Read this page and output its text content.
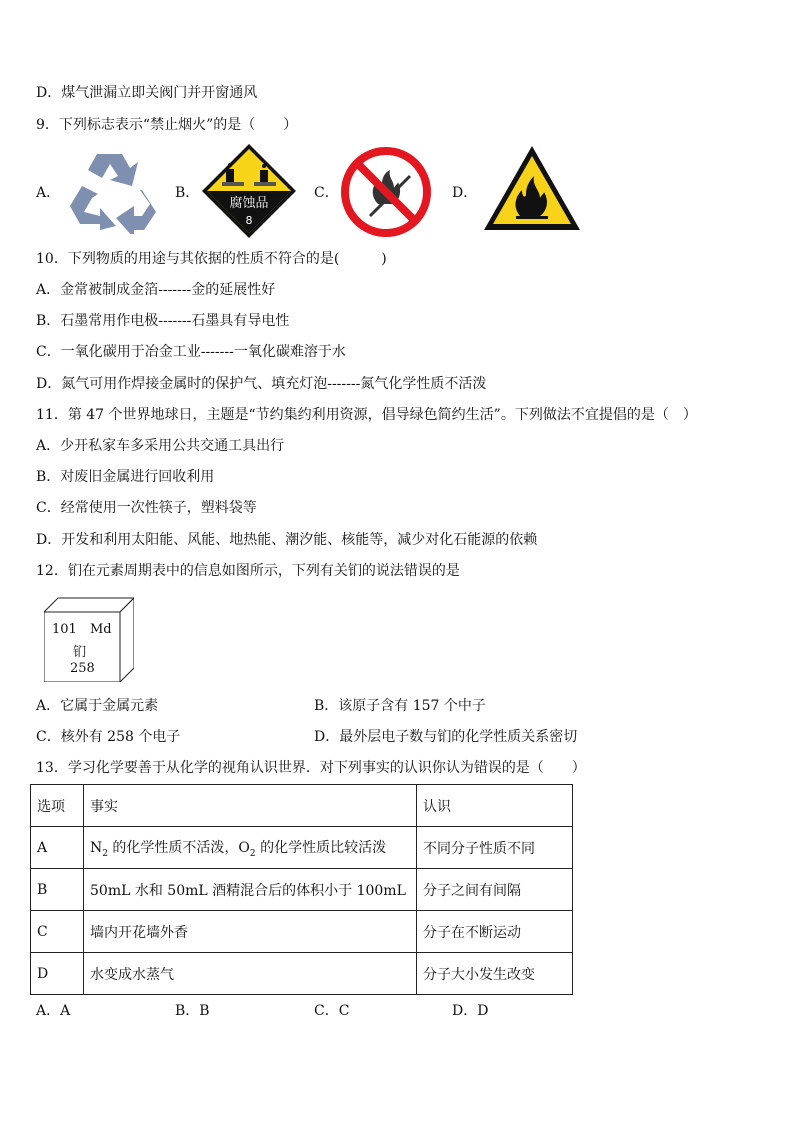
D．煤气泄漏立即关阀门并开窗通风
9．下列标志表示“禁止烟火”的是（　　）
A．	B．
腐蚀品
8
C．	D．
10．下列物质的用途与其依据的性质不符合的是(　　　)
A．金常被制成金箔-------金的延展性好
B．石墨常用作电极-------石墨具有导电性
C．一氧化碳用于冶金工业-------一氧化碳难溶于水
D．氮气可用作焊接金属时的保护气、填充灯泡-------氮气化学性质不活泼
11．第 47 个世界地球日，主题是“节约集约利用资源，倡导绿色简约生活”。下列做法不宜提倡的是（　）
A．少开私家车多采用公共交通工具出行
B．对废旧金属进行回收利用
C．经常使用一次性筷子，塑料袋等
D．开发和利用太阳能、风能、地热能、潮汐能、核能等，减少对化石能源的依赖
12．钔在元素周期表中的信息如图所示，下列有关钔的说法错误的是
101 Md
钔
258
A．它属于金属元素	B．该原子含有 157 个中子
C．核外有 258 个电子	D．最外层电子数与钔的化学性质关系密切
13．学习化学要善于从化学的视角认识世界．对下列事实的认识你认为错误的是（　　）
选项	事实	认识
A	$N_2$ 的化学性质不活泼，$O_2$ 的化学性质比较活泼	不同分子性质不同
B	50mL 水和 50mL 酒精混合后的体积小于 100mL	分子之间有间隔
C	墙内开花墙外香	分子在不断运动
D	水变成水蒸气	分子大小发生改变
A．A	B．B	C．C	D．D
